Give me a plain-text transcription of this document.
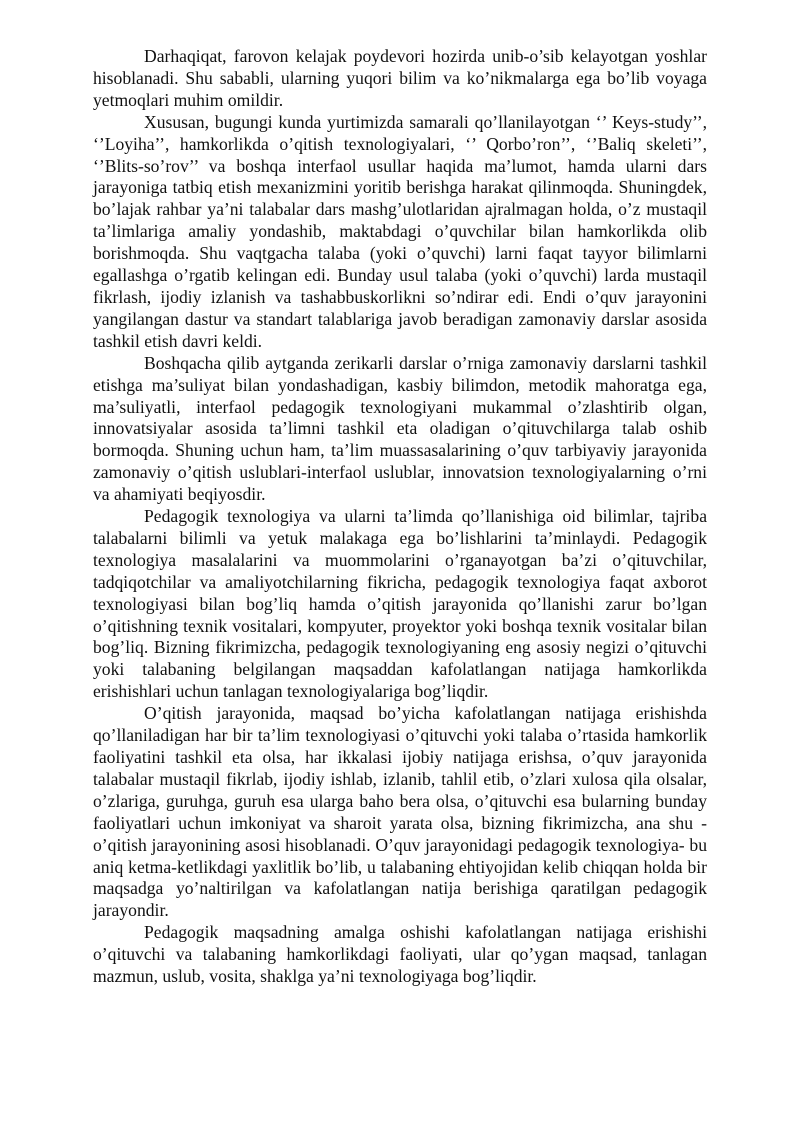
Darhaqiqat, farovon kelajak poydevori hozirda unib-o’sib kelayotgan yoshlar hisoblanadi. Shu sababli, ularning yuqori bilim va ko’nikmalarga ega bo’lib voyaga yetmoqlari muhim omildir.

Xususan, bugungi kunda yurtimizda samarali qo’llanilayotgan ‘’ Keys-study’’, ‘’Loyiha’’, hamkorlikda o’qitish texnologiyalari, ‘’ Qorbo’ron’’, ‘’Baliq skeleti’’, ‘’Blits-so’rov’’ va boshqa interfaol usullar haqida ma’lumot, hamda ularni dars jarayoniga tatbiq etish mexanizmini yoritib berishga harakat qilinmoqda. Shuningdek, bo’lajak rahbar ya’ni talabalar dars mashg’ulotlaridan ajralmagan holda, o’z mustaqil ta’limlariga amaliy yondashib, maktabdagi o’quvchilar bilan hamkorlikda olib borishmoqda. Shu vaqtgacha talaba (yoki o’quvchi) larni faqat tayyor bilimlarni egallashga o’rgatib kelingan edi. Bunday usul talaba (yoki o’quvchi) larda mustaqil fikrlash, ijodiy izlanish va tashabbuskorlikni so’ndirar edi. Endi o’quv jarayonini yangilangan dastur va standart talablariga javob beradigan zamonaviy darslar asosida tashkil etish davri keldi.

Boshqacha qilib aytganda zerikarli darslar o’rniga zamonaviy darslarni tashkil etishga ma’suliyat bilan yondashadigan, kasbiy bilimdon, metodik mahoratga ega, ma’suliyatli, interfaol pedagogik texnologiyani mukammal o’zlashtirib olgan, innovatsiyalar asosida ta’limni tashkil eta oladigan o’qituvchilarga talab oshib bormoqda. Shuning uchun ham, ta’lim muassasalarining o’quv tarbiyaviy jarayonida zamonaviy o’qitish uslublari-interfaol uslublar, innovatsion texnologiyalarning o’rni va ahamiyati beqiyosdir.

Pedagogik texnologiya va ularni ta’limda qo’llanishiga oid bilimlar, tajriba talabalarni bilimli va yetuk malakaga ega bo’lishlarini ta’minlaydi. Pedagogik texnologiya masalalarini va muommolarini o’rganayotgan ba’zi o’qituvchilar, tadqiqotchilar va amaliyotchilarning fikricha, pedagogik texnologiya faqat axborot texnologiyasi bilan bog’liq hamda o’qitish jarayonida qo’llanishi zarur bo’lgan o’qitishning texnik vositalari, kompyuter, proyektor yoki boshqa texnik vositalar bilan bog’liq. Bizning fikrimizcha, pedagogik texnologiyaning eng asosiy negizi o’qituvchi yoki talabaning belgilangan maqsaddan kafolatlangan natijaga hamkorlikda erishishlari uchun tanlagan texnologiyalariga bog’liqdir.

O’qitish jarayonida, maqsad bo’yicha kafolatlangan natijaga erishishda qo’llaniladigan har bir ta’lim texnologiyasi o’qituvchi yoki talaba o’rtasida hamkorlik faoliyatini tashkil eta olsa, har ikkalasi ijobiy natijaga erishsa, o’quv jarayonida talabalar mustaqil fikrlab, ijodiy ishlab, izlanib, tahlil etib, o’zlari xulosa qila olsalar, o’zlariga, guruhga, guruh esa ularga baho bera olsa, o’qituvchi esa bularning bunday faoliyatlari uchun imkoniyat va sharoit yarata olsa, bizning fikrimizcha, ana shu - o’qitish jarayonining asosi hisoblanadi. O’quv jarayonidagi pedagogik texnologiya- bu aniq ketma-ketlikdagi yaxlitlik bo’lib, u talabaning ehtiyojidan kelib chiqqan holda bir maqsadga yo’naltirilgan va kafolatlangan natija berishiga qaratilgan pedagogik jarayondir.

Pedagogik maqsadning amalga oshishi kafolatlangan natijaga erishishi o’qituvchi va talabaning hamkorlikdagi faoliyati, ular qo’ygan maqsad, tanlagan mazmun, uslub, vosita, shaklga ya’ni texnologiyaga bog’liqdir.
